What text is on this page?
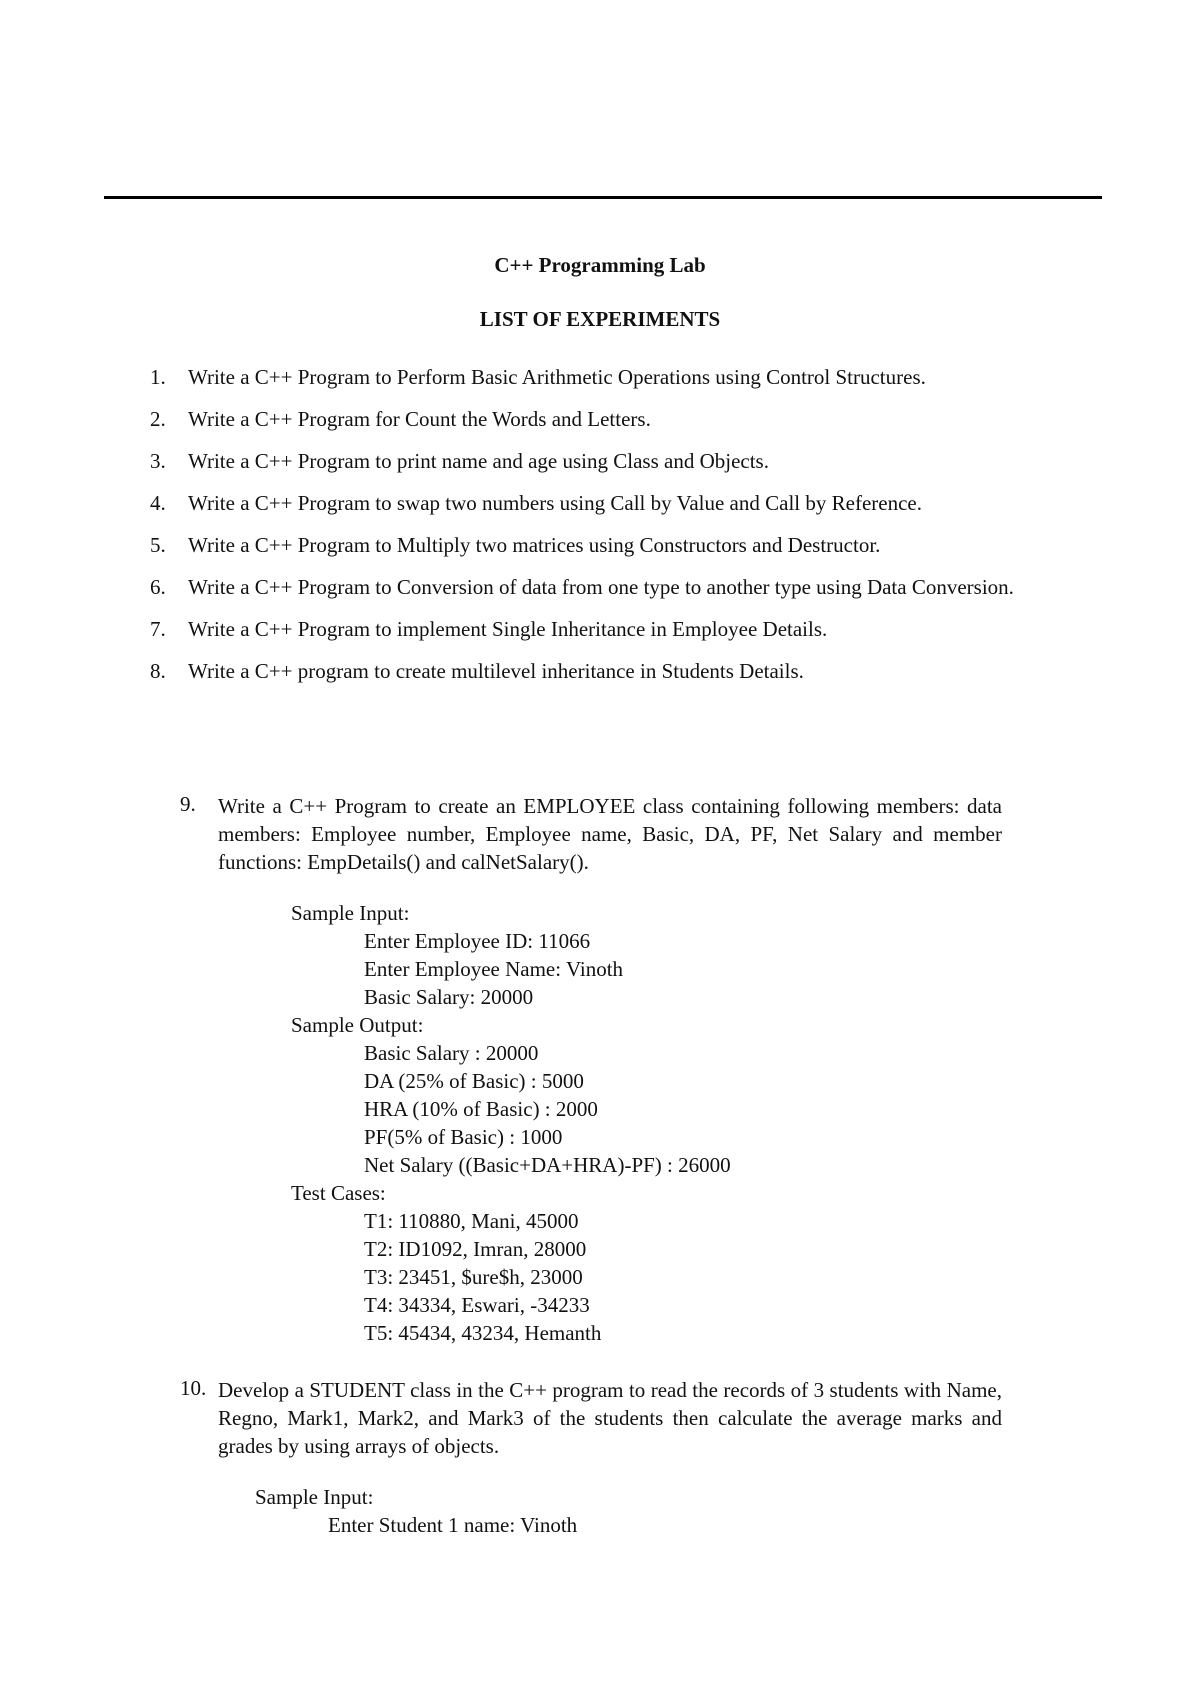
C++ Programming Lab
LIST OF EXPERIMENTS
1.	Write a C++ Program to Perform Basic Arithmetic Operations using Control Structures.
2.	Write a C++ Program for Count the Words and Letters.
3.	Write a C++ Program to print name and age using Class and Objects.
4.	Write a C++ Program to swap two numbers using Call by Value and Call by Reference.
5.	Write a C++ Program to Multiply two matrices using Constructors and Destructor.
6.	Write a C++ Program to Conversion of data from one type to another type using Data Conversion.
7.	Write a C++ Program to implement Single Inheritance in Employee Details.
8.	Write a C++ program to create multilevel inheritance in Students Details.
9. Write a C++ Program to create an EMPLOYEE class containing following members: data members: Employee number, Employee name, Basic, DA, PF, Net Salary and member functions: EmpDetails() and calNetSalary().
Sample Input:
Enter Employee ID: 11066
Enter Employee Name: Vinoth
Basic Salary: 20000
Sample Output:
Basic Salary : 20000
DA (25% of Basic) : 5000
HRA (10% of Basic) : 2000
PF(5% of Basic) : 1000
Net Salary ((Basic+DA+HRA)-PF) : 26000
Test Cases:
T1: 110880, Mani, 45000
T2: ID1092, Imran, 28000
T3: 23451, $ure$h, 23000
T4: 34334, Eswari, -34233
T5: 45434, 43234, Hemanth
10. Develop a STUDENT class in the C++ program to read the records of 3 students with Name, Regno, Mark1, Mark2, and Mark3 of the students then calculate the average marks and grades by using arrays of objects.
Sample Input:
Enter Student 1 name: Vinoth
